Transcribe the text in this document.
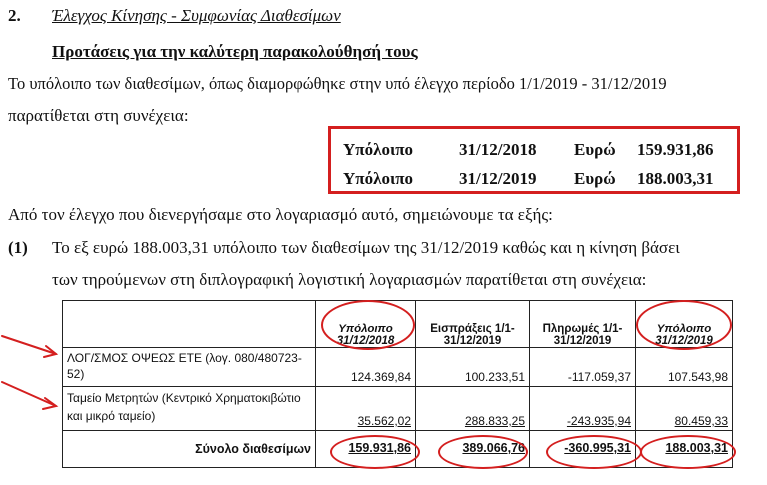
2. Έλεγχος Κίνησης - Συμφωνίας Διαθεσίμων
Προτάσεις για την καλύτερη παρακολούθησή τους
Το υπόλοιπο των διαθεσίμων, όπως διαμορφώθηκε στην υπό έλεγχο περίοδο 1/1/2019 - 31/12/2019
παρατίθεται στη συνέχεια:
Υπόλοιπο	31/12/2018 Ευρώ 159.931,86
Υπόλοιπο	31/12/2019 Ευρώ 188.003,31
Από τον έλεγχο που διενεργήσαμε στο λογαριασμό αυτό, σημειώνουμε τα εξής:
(1) Το εξ ευρώ 188.003,31 υπόλοιπο των διαθεσίμων της 31/12/2019 καθώς και η κίνηση βάσει
των τηρούμενων στη διπλογραφική λογιστική λογαριασμών παρατίθεται στη συνέχεια:
	Υπόλοιπο 31/12/2018	Εισπράξεις 1/1-31/12/2019	Πληρωμές 1/1-31/12/2019	Υπόλοιπο 31/12/2019
ΛΟΓ/ΣΜΟΣ ΟΨΕΩΣ ΕΤΕ (λογ. 080/480723-52)	124.369,84	100.233,51	-117.059,37	107.543,98
Ταμείο Μετρητών (Κεντρικό Χρηματοκιβώτιο και μικρό ταμείο)	35.562,02	288.833,25	-243.935,94	80.459,33
Σύνολο διαθεσίμων	159.931,86	389.066,76	-360.995,31	188.003,31
